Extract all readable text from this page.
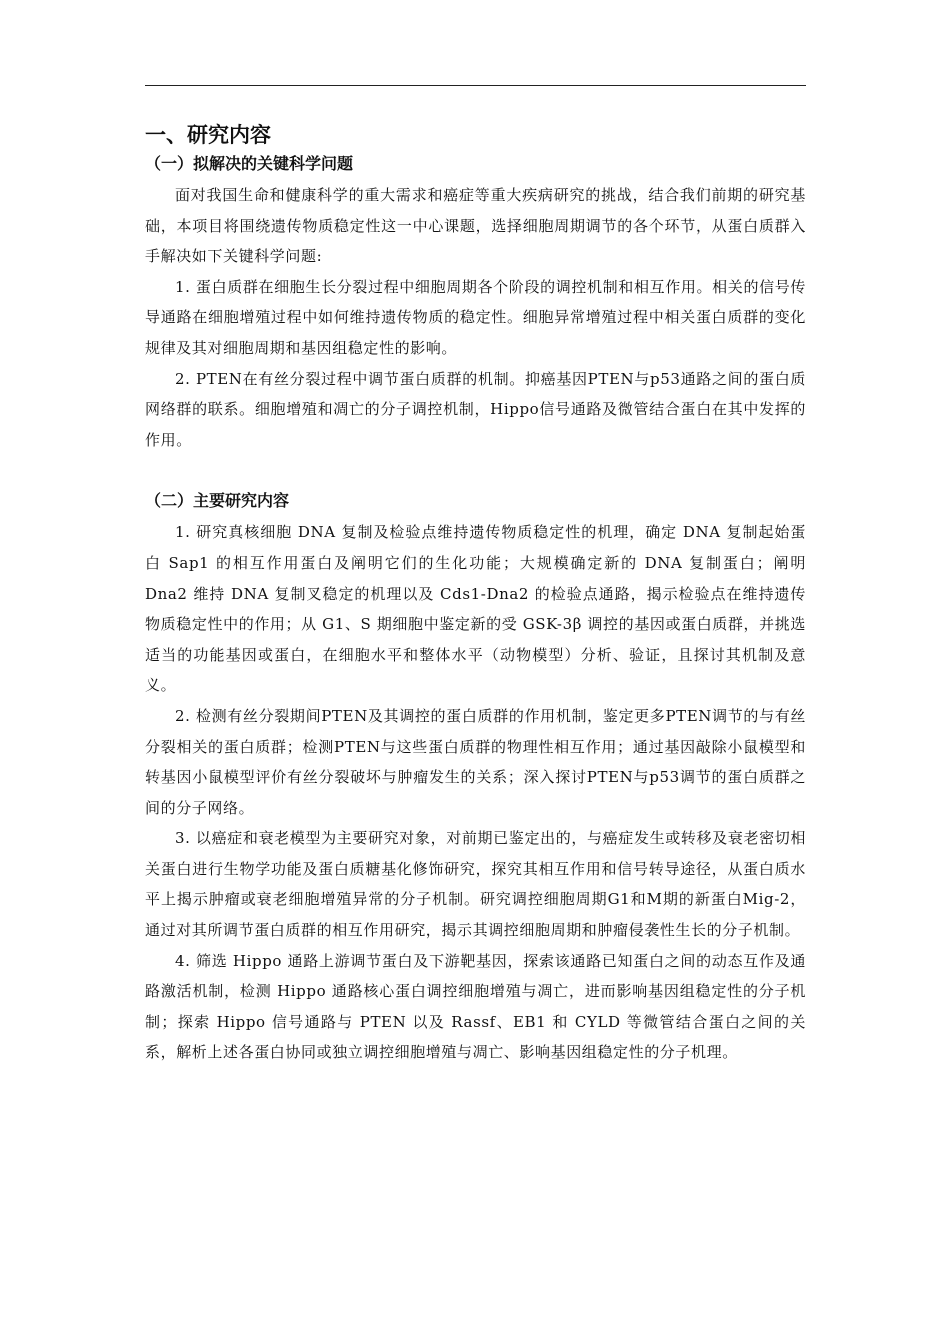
一、研究内容
（一）拟解决的关键科学问题

面对我国生命和健康科学的重大需求和癌症等重大疾病研究的挑战，结合我们前期的研究基础，本项目将围绕遗传物质稳定性这一中心课题，选择细胞周期调节的各个环节，从蛋白质群入手解决如下关键科学问题:

1. 蛋白质群在细胞生长分裂过程中细胞周期各个阶段的调控机制和相互作用。相关的信号传导通路在细胞增殖过程中如何维持遗传物质的稳定性。细胞异常增殖过程中相关蛋白质群的变化规律及其对细胞周期和基因组稳定性的影响。

2. PTEN在有丝分裂过程中调节蛋白质群的机制。抑癌基因PTEN与p53通路之间的蛋白质网络群的联系。细胞增殖和凋亡的分子调控机制，Hippo信号通路及微管结合蛋白在其中发挥的作用。

（二）主要研究内容

1. 研究真核细胞 DNA 复制及检验点维持遗传物质稳定性的机理，确定 DNA 复制起始蛋白 Sap1 的相互作用蛋白及阐明它们的生化功能；大规模确定新的 DNA 复制蛋白；阐明 Dna2 维持 DNA 复制叉稳定的机理以及 Cds1-Dna2 的检验点通路，揭示检验点在维持遗传物质稳定性中的作用；从 G1、S 期细胞中鉴定新的受 GSK-3β 调控的基因或蛋白质群，并挑选适当的功能基因或蛋白，在细胞水平和整体水平（动物模型）分析、验证，且探讨其机制及意义。

2. 检测有丝分裂期间PTEN及其调控的蛋白质群的作用机制，鉴定更多PTEN调节的与有丝分裂相关的蛋白质群；检测PTEN与这些蛋白质群的物理性相互作用；通过基因敲除小鼠模型和转基因小鼠模型评价有丝分裂破坏与肿瘤发生的关系；深入探讨PTEN与p53调节的蛋白质群之间的分子网络。

3. 以癌症和衰老模型为主要研究对象，对前期已鉴定出的，与癌症发生或转移及衰老密切相关蛋白进行生物学功能及蛋白质糖基化修饰研究，探究其相互作用和信号转导途径，从蛋白质水平上揭示肿瘤或衰老细胞增殖异常的分子机制。研究调控细胞周期G1和M期的新蛋白Mig-2，通过对其所调节蛋白质群的相互作用研究，揭示其调控细胞周期和肿瘤侵袭性生长的分子机制。

4. 筛选 Hippo 通路上游调节蛋白及下游靶基因，探索该通路已知蛋白之间的动态互作及通路激活机制，检测 Hippo 通路核心蛋白调控细胞增殖与凋亡，进而影响基因组稳定性的分子机制；探索 Hippo 信号通路与 PTEN 以及 Rassf、EB1 和 CYLD 等微管结合蛋白之间的关系，解析上述各蛋白协同或独立调控细胞增殖与凋亡、影响基因组稳定性的分子机理。
